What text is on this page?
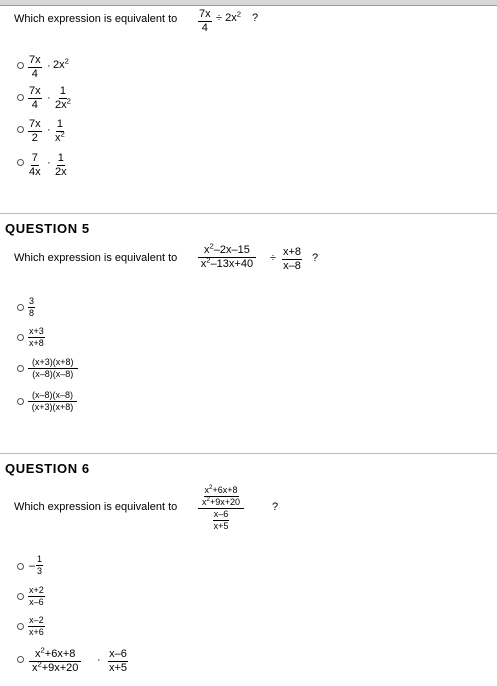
Which expression is equivalent to $\frac{7x}{4} \div 2x^2$ ?
$\frac{7x}{4} \cdot 2x^2$
$\frac{7x}{4} \cdot \frac{1}{2x^2}$
$\frac{7x}{2} \cdot \frac{1}{x^2}$
$\frac{7}{4x} \cdot \frac{1}{2x}$
QUESTION 5
Which expression is equivalent to $\frac{x^2-2x-15}{x^2-13x+40} \div \frac{x+8}{x-8}$ ?
$\frac{3}{8}$
$\frac{x+3}{x+8}$
$\frac{(x+3)(x+8)}{(x-8)(x-8)}$
$\frac{(x-8)(x-8)}{(x+3)(x+8)}$
QUESTION 6
Which expression is equivalent to $\frac{\frac{x^2+6x+8}{x^2+9x+20}}{\frac{x-6}{x+5}}$	?
– $\frac{1}{3}$
$\frac{x+2}{x-6}$
$\frac{x-2}{x+6}$
$\frac{x^2+6x+8}{x^2+9x+20} \cdot \frac{x-6}{x+5}$
